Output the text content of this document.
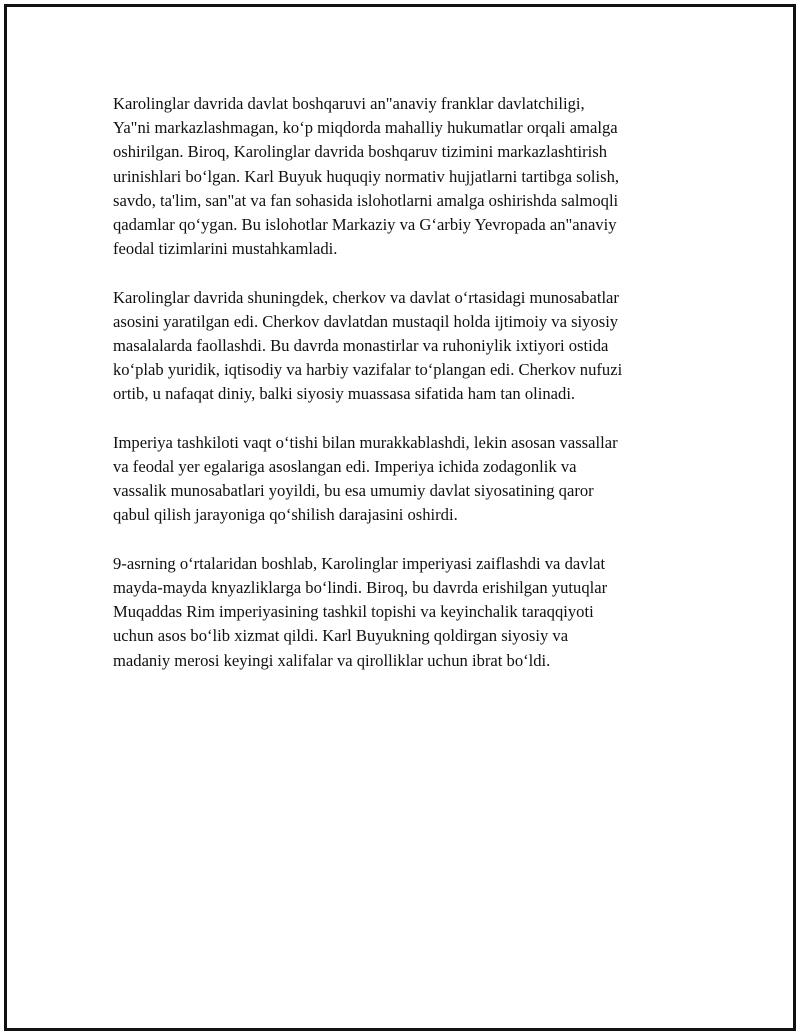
Karolinglar davrida davlat boshqaruvi an"anaviy franklar davlatchiligi,
Ya"ni markazlashmagan, koʻp miqdorda mahalliy hukumatlar orqali amalga
oshirilgan. Biroq, Karolinglar davrida boshqaruv tizimini markazlashtirish
urinishlari boʻlgan. Karl Buyuk huquqiy normativ hujjatlarni tartibga solish,
savdo, ta'lim, san"at va fan sohasida islohotlarni amalga oshirishda salmoqli
qadamlar qoʻygan. Bu islohotlar Markaziy va Gʻarbiy Yevropada an"anaviy
feodal tizimlarini mustahkamladi.

Karolinglar davrida shuningdek, cherkov va davlat oʻrtasidagi munosabatlar
asosini yaratilgan edi. Cherkov davlatdan mustaqil holda ijtimoiy va siyosiy
masalalarda faollashdi. Bu davrda monastirlar va ruhoniylik ixtiyori ostida
koʻplab yuridik, iqtisodiy va harbiy vazifalar toʻplangan edi. Cherkov nufuzi
ortib, u nafaqat diniy, balki siyosiy muassasa sifatida ham tan olinadi.

Imperiya tashkiloti vaqt oʻtishi bilan murakkablashdi, lekin asosan vassallar
va feodal yer egalariga asoslangan edi. Imperiya ichida zodagonlik va
vassalik munosabatlari yoyildi, bu esa umumiy davlat siyosatining qaror
qabul qilish jarayoniga qoʻshilish darajasini oshirdi.

9-asrning oʻrtalaridan boshlab, Karolinglar imperiyasi zaiflashdi va davlat
mayda-mayda knyazliklarga boʻlindi. Biroq, bu davrda erishilgan yutuqlar
Muqaddas Rim imperiyasining tashkil topishi va keyinchalik taraqqiyoti
uchun asos boʻlib xizmat qildi. Karl Buyukning qoldirgan siyosiy va
madaniy merosi keyingi xalifalar va qirolliklar uchun ibrat boʻldi.
